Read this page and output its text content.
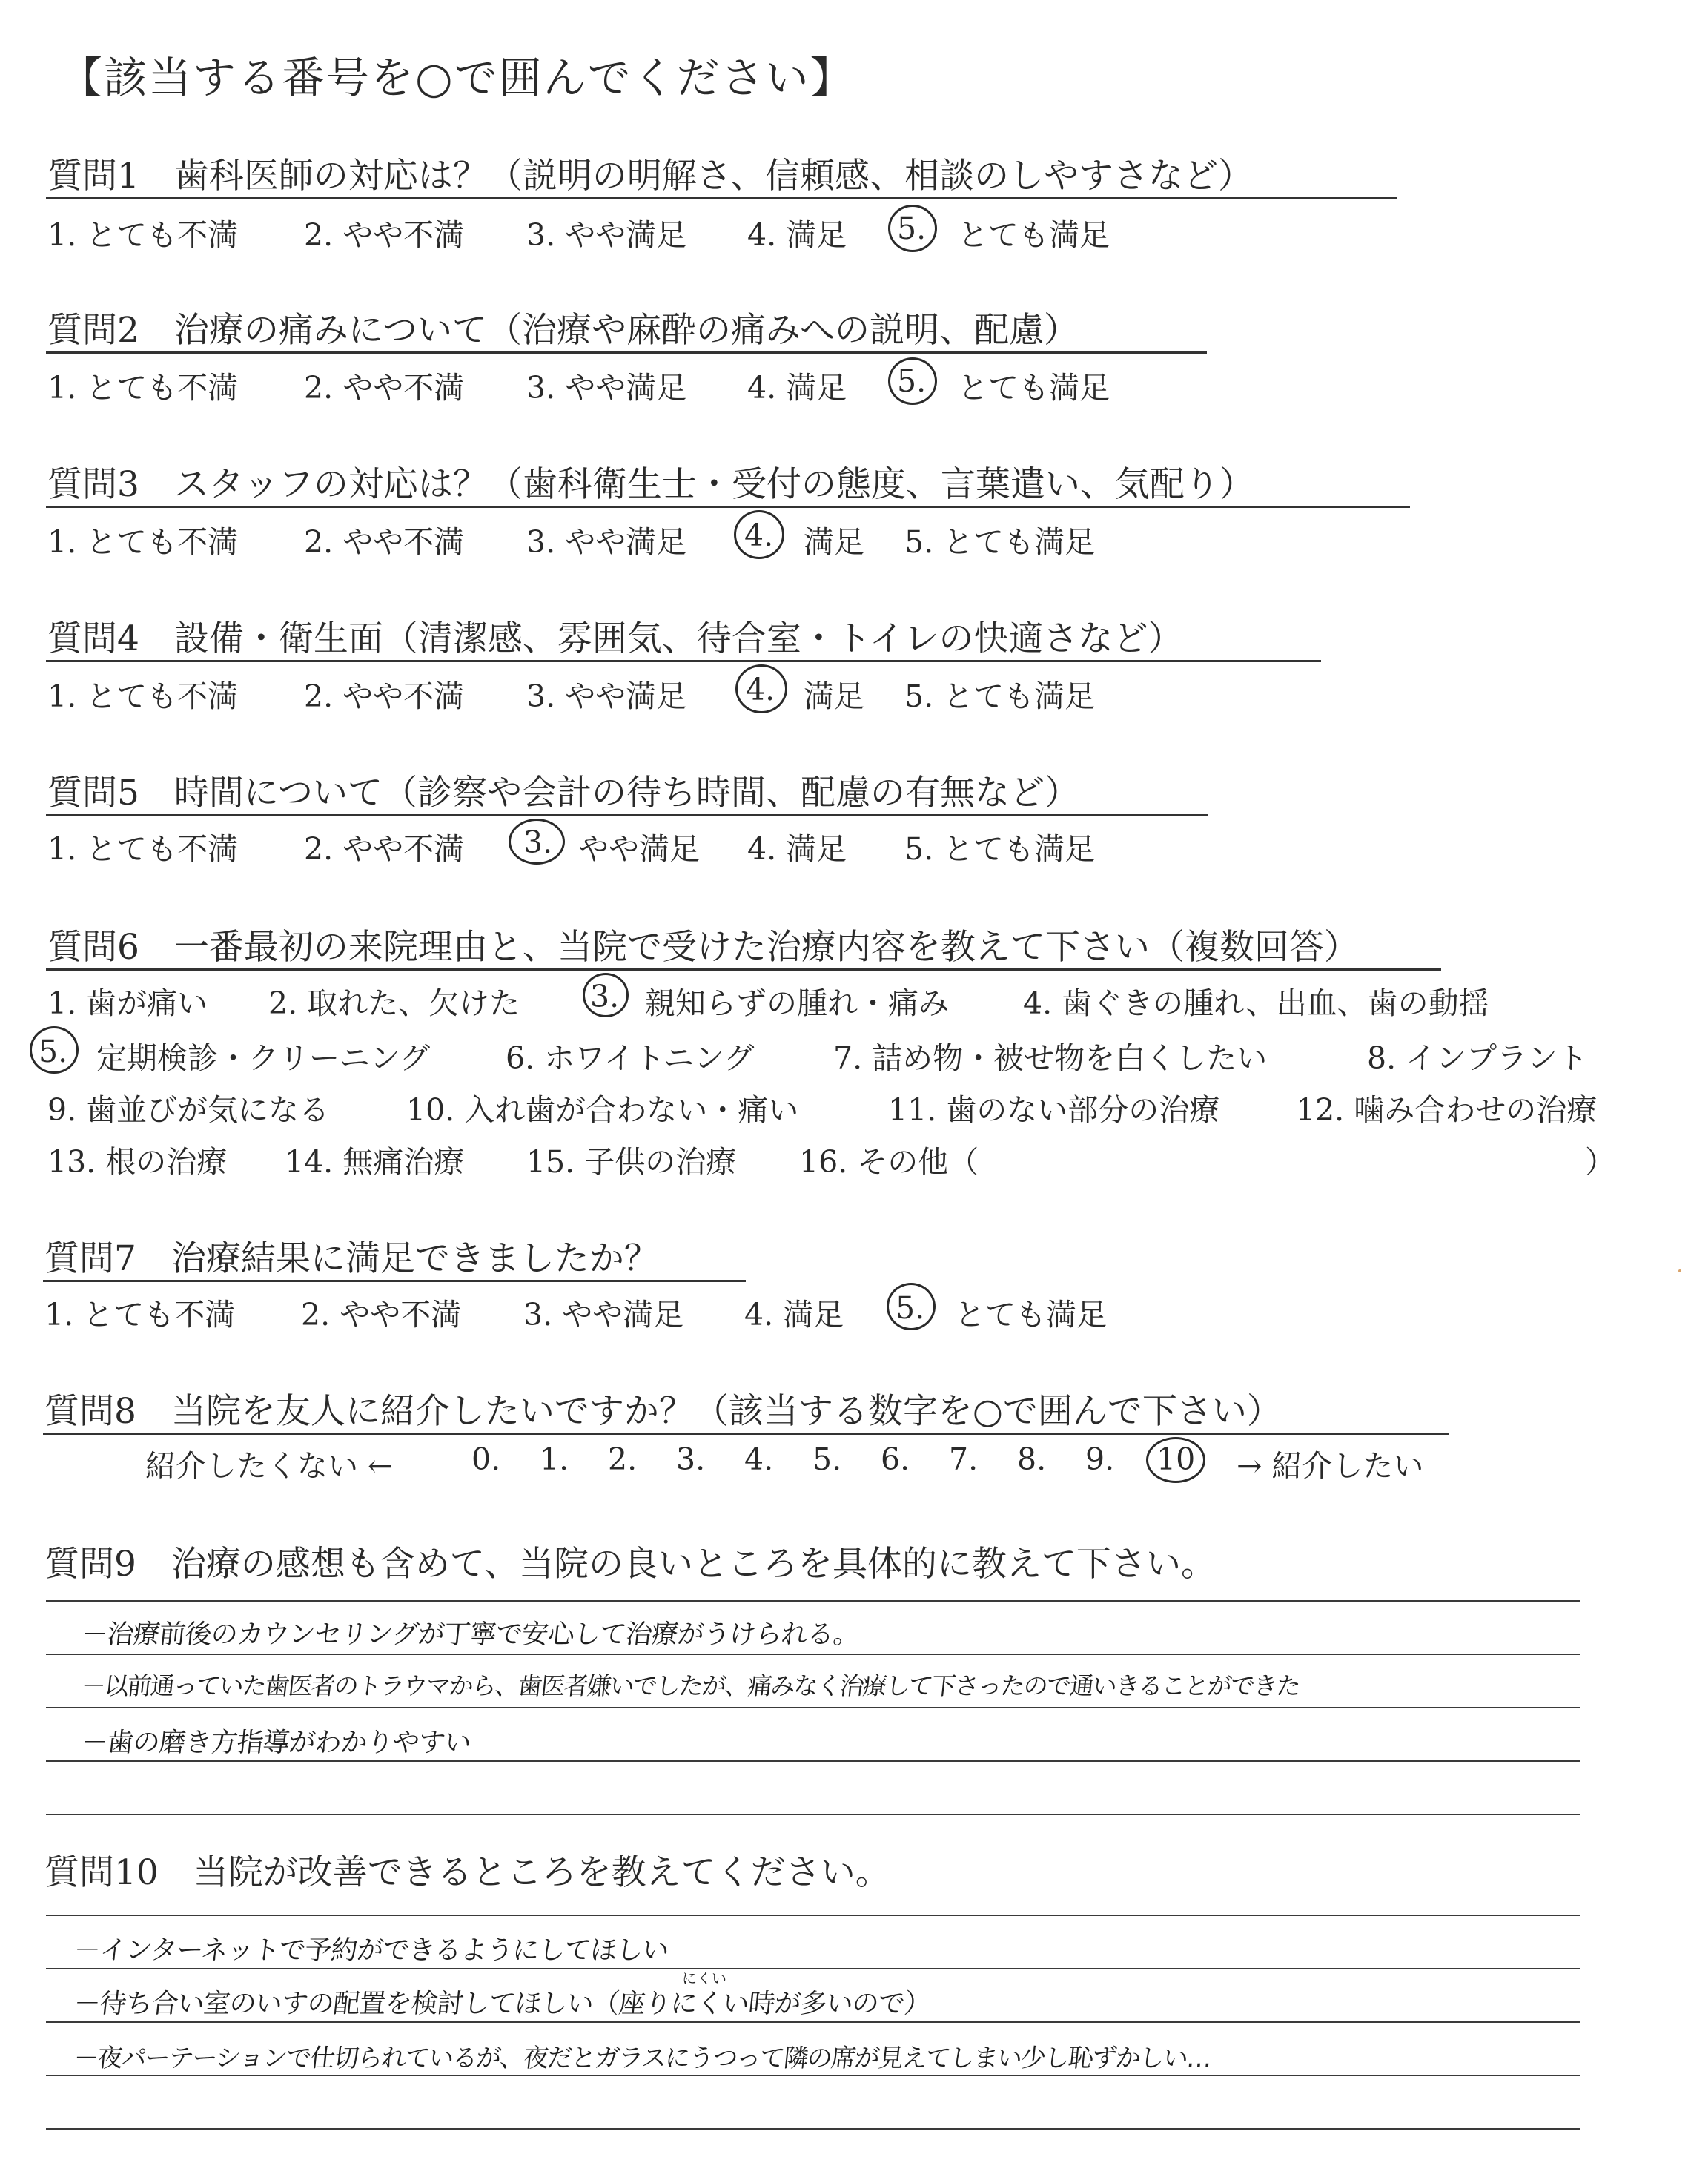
【該当する番号を○で囲んでください】
質問1　歯科医師の対応は？（説明の明解さ、信頼感、相談のしやすさなど）
1. とても不満 2. やや不満 3. やや満足 4. 満足 5. とても満足
質問2　治療の痛みについて（治療や麻酔の痛みへの説明、配慮）
1. とても不満 2. やや不満 3. やや満足 4. 満足 5. とても満足
質問3　スタッフの対応は？（歯科衛生士・受付の態度、言葉遣い、気配り）
1. とても不満 2. やや不満 3. やや満足 4. 満足 5. とても満足
質問4　設備・衛生面（清潔感、雰囲気、待合室・トイレの快適さなど）
1. とても不満 2. やや不満 3. やや満足 4. 満足 5. とても満足
質問5　時間について（診察や会計の待ち時間、配慮の有無など）
1. とても不満 2. やや不満 3. やや満足 4. 満足 5. とても満足
質問6　一番最初の来院理由と、当院で受けた治療内容を教えて下さい（複数回答）
1. 歯が痛い 2. 取れた、欠けた 3. 親知らずの腫れ・痛み 4. 歯ぐきの腫れ、出血、歯の動揺
5. 定期検診・クリーニング 6. ホワイトニング	7. 詰め物・被せ物を白くしたい	8. インプラント
9. 歯並びが気になる	10. 入れ歯が合わない・痛い	11. 歯のない部分の治療	12. 噛み合わせの治療
13. 根の治療 14. 無痛治療 15. 子供の治療 16. その他（	）
質問7　治療結果に満足できましたか？
1. とても不満 2. やや不満 3. やや満足 4. 満足 5. とても満足
質問8　当院を友人に紹介したいですか？（該当する数字を○で囲んで下さい）
紹介したくない ←	0. 1. 2. 3. 4. 5. 6. 7. 8. 9. 10 → 紹介したい
質問9　治療の感想も含めて、当院の良いところを具体的に教えて下さい。
－治療前後のカウンセリングが丁寧で安心して治療がうけられる。
－以前通っていた歯医者のトラウマから、歯医者嫌いでしたが、痛みなく治療して下さったので通いきることができた
－歯の磨き方指導がわかりやすい
質問10　当院が改善できるところを教えてください。
－インターネットで予約ができるようにしてほしい
にくい
－待ち合い室のいすの配置を検討してほしい（座りにくい時が多いので）
－夜パーテーションで仕切られているが、夜だとガラスにうつって隣の席が見えてしまい少し恥ずかしい…
